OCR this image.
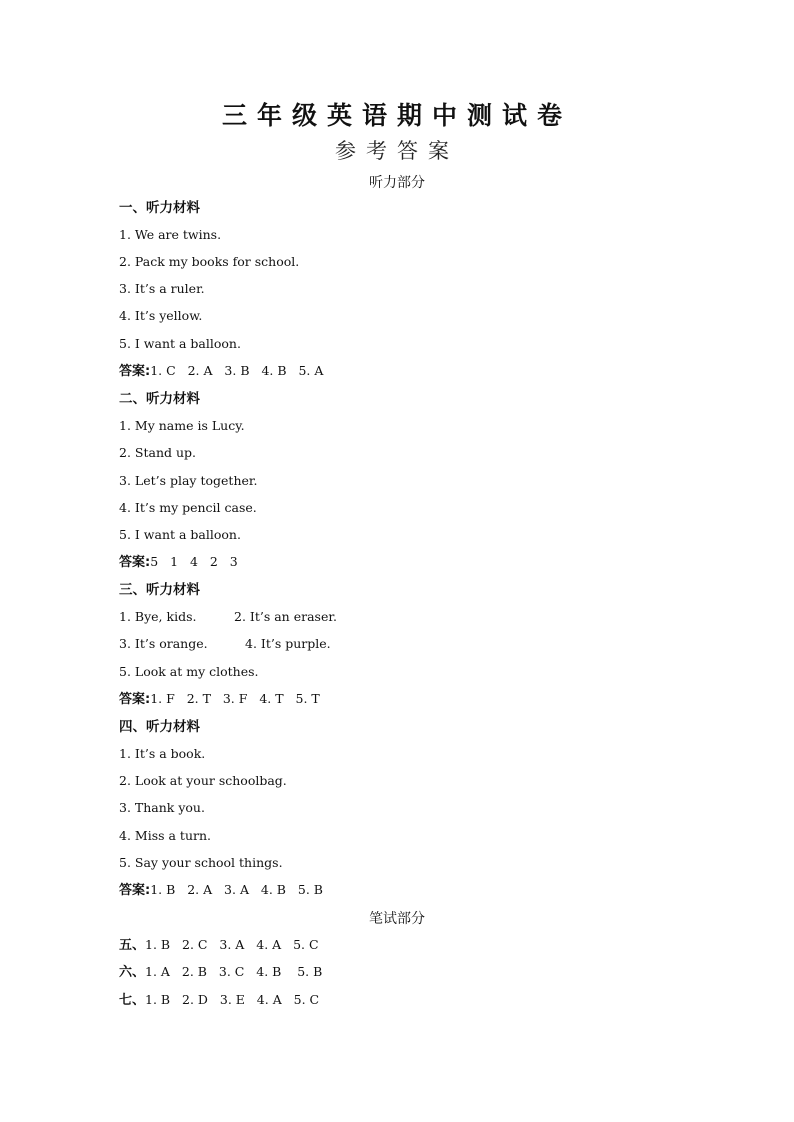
三年级英语期中测试卷
参考答案
听力部分
一、听力材料
1. We are twins.
2. Pack my books for school.
3. It’s a ruler.
4. It’s yellow.
5. I want a balloon.
答案:1. C   2. A   3. B   4. B   5. A
二、听力材料
1. My name is Lucy.
2. Stand up.
3. Let’s play together.
4. It’s my pencil case.
5. I want a balloon.
答案:5   1   4   2   3
三、听力材料
1. Bye, kids.	2. It’s an eraser.
3. It’s orange.	4. It’s purple.
5. Look at my clothes.
答案:1. F   2. T   3. F   4. T   5. T
四、听力材料
1. It’s a book.
2. Look at your schoolbag.
3. Thank you.
4. Miss a turn.
5. Say your school things.
答案:1. B   2. A   3. A   4. B   5. B
笔试部分
五、1. B   2. C   3. A   4. A   5. C
六、1. A   2. B   3. C   4. B    5. B
七、1. B   2. D   3. E   4. A   5. C
